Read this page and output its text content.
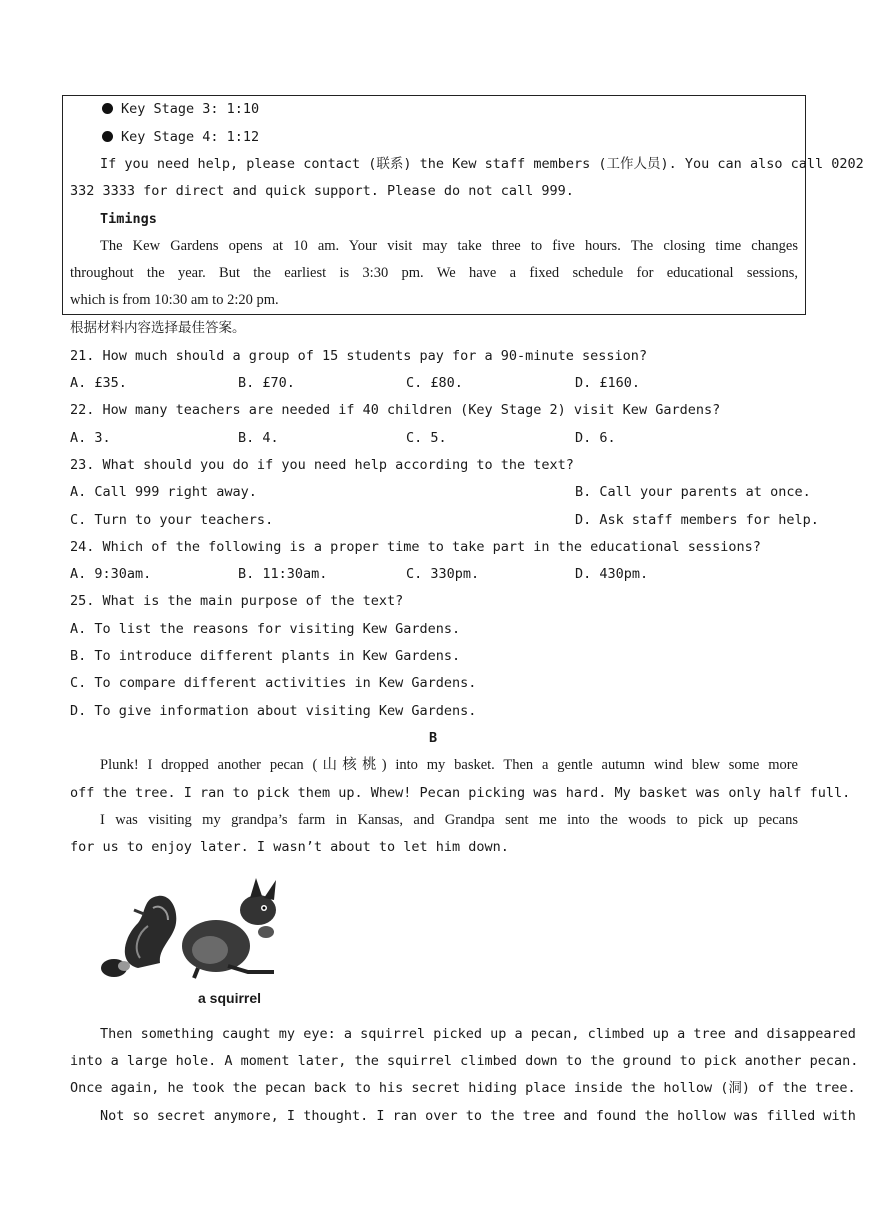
Key Stage 3: 1:10
Key Stage 4: 1:12
If you need help, please contact (联系) the Kew staff members (工作人员). You can also call 0202
332 3333 for direct and quick support. Please do not call 999.
Timings
The Kew Gardens opens at 10 am. Your visit may take three to five hours. The closing time changes
throughout the year. But the earliest is 3:30 pm. We have a fixed schedule for educational sessions,
which is from 10:30 am to 2:20 pm.
根据材料内容选择最佳答案。
21. How much should a group of 15 students pay for a 90-minute session?
A. £35.	B. £70.	C. £80.	D. £160.
22. How many teachers are needed if 40 children (Key Stage 2) visit Kew Gardens?
A. 3.	B. 4.	C. 5.	D. 6.
23. What should you do if you need help according to the text?
A. Call 999 right away.	B. Call your parents at once.
C. Turn to your teachers.	D. Ask staff members for help.
24. Which of the following is a proper time to take part in the educational sessions?
A. 9:30am.	B. 11:30am.	C. 330pm.	D. 430pm.
25. What is the main purpose of the text?
A. To list the reasons for visiting Kew Gardens.
B. To introduce different plants in Kew Gardens.
C. To compare different activities in Kew Gardens.
D. To give information about visiting Kew Gardens.
B
Plunk! I dropped another pecan (山核桃) into my basket. Then a gentle autumn wind blew some more
off the tree. I ran to pick them up. Whew! Pecan picking was hard. My basket was only half full.
I was visiting my grandpa’s farm in Kansas, and Grandpa sent me into the woods to pick up pecans
for us to enjoy later. I wasn’t about to let him down.
a squirrel
Then something caught my eye: a squirrel picked up a pecan, climbed up a tree and disappeared
into a large hole. A moment later, the squirrel climbed down to the ground to pick another pecan.
Once again, he took the pecan back to his secret hiding place inside the hollow (洞) of the tree.
Not so secret anymore, I thought. I ran over to the tree and found the hollow was filled with
